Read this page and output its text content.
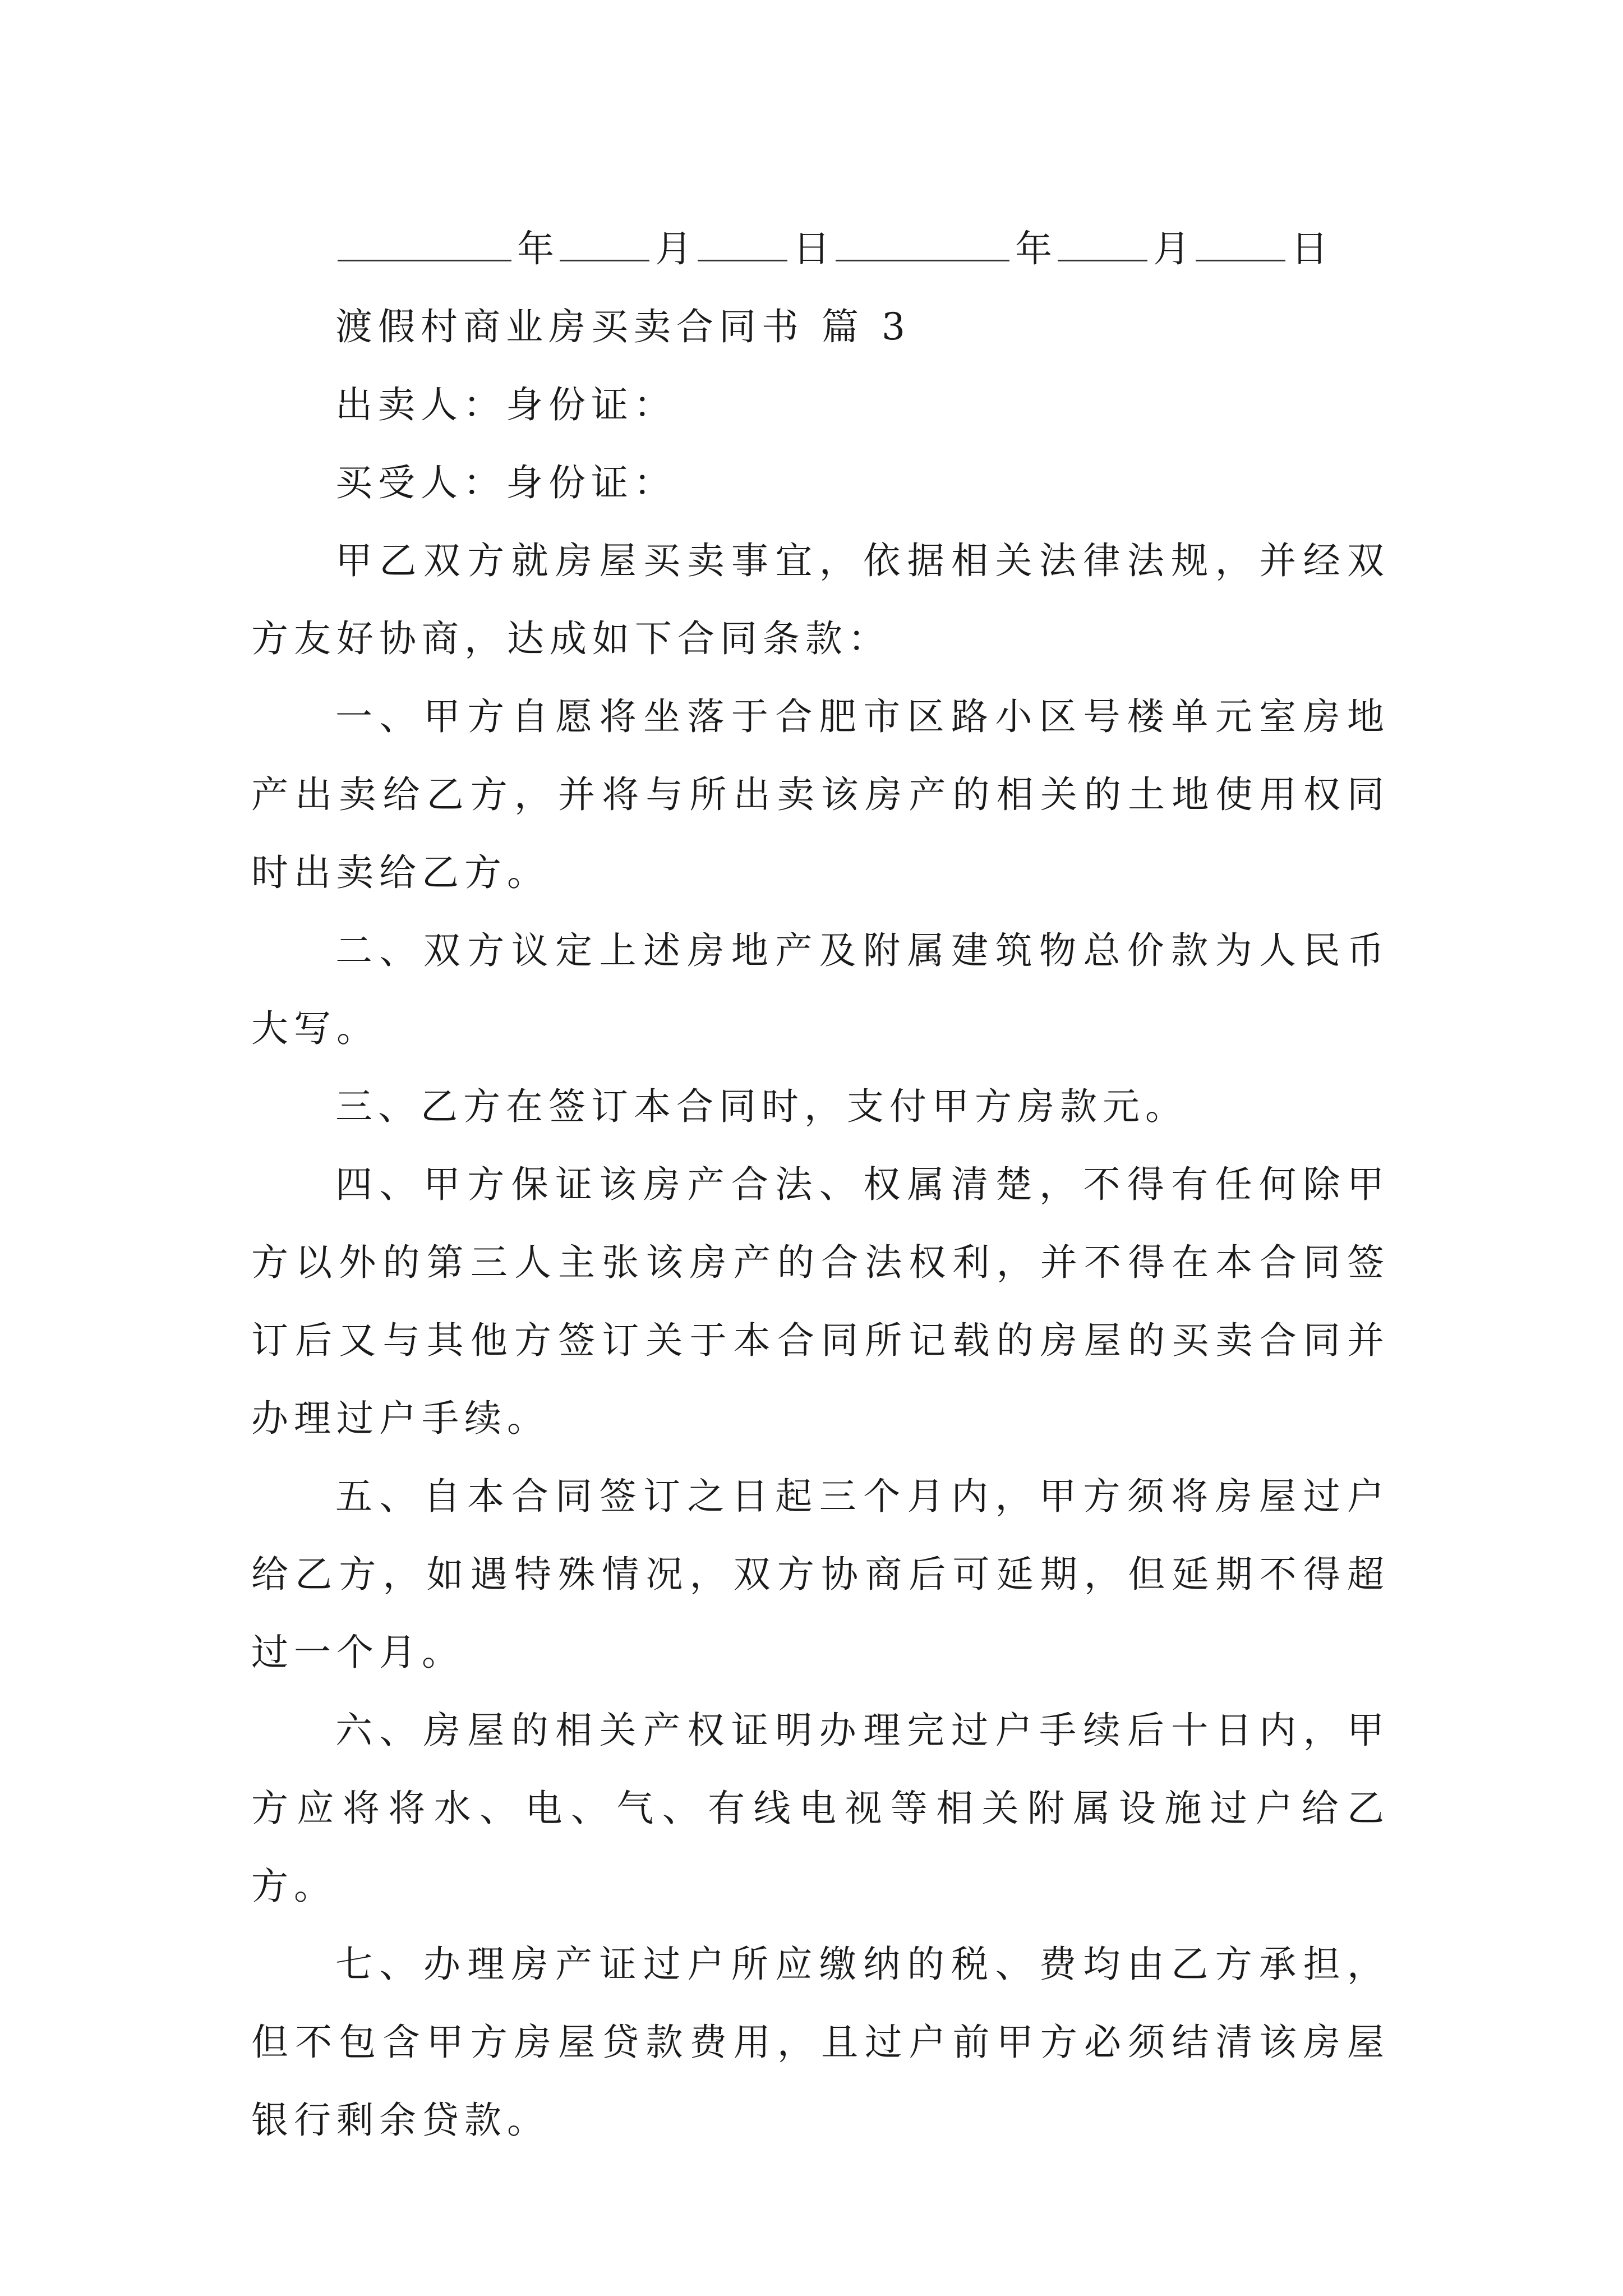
年	月	日	年	月	日
渡假村商业房买卖合同书 篇 3
出卖人：身份证：
买受人：身份证：

甲乙双方就房屋买卖事宜，依据相关法律法规，并经双方友好协商，达成如下合同条款：

一、甲方自愿将坐落于合肥市区路小区号楼单元室房地产出卖给乙方，并将与所出卖该房产的相关的土地使用权同时出卖给乙方。

二、双方议定上述房地产及附属建筑物总价款为人民币大写。

三、乙方在签订本合同时，支付甲方房款元。

四、甲方保证该房产合法、权属清楚，不得有任何除甲方以外的第三人主张该房产的合法权利，并不得在本合同签订后又与其他方签订关于本合同所记载的房屋的买卖合同并办理过户手续。

五、自本合同签订之日起三个月内，甲方须将房屋过户给乙方，如遇特殊情况，双方协商后可延期，但延期不得超过一个月。

六、房屋的相关产权证明办理完过户手续后十日内，甲方应将将水、电、气、有线电视等相关附属设施过户给乙方。

七、办理房产证过户所应缴纳的税、费均由乙方承担，但不包含甲方房屋贷款费用，且过户前甲方必须结清该房屋银行剩余贷款。
